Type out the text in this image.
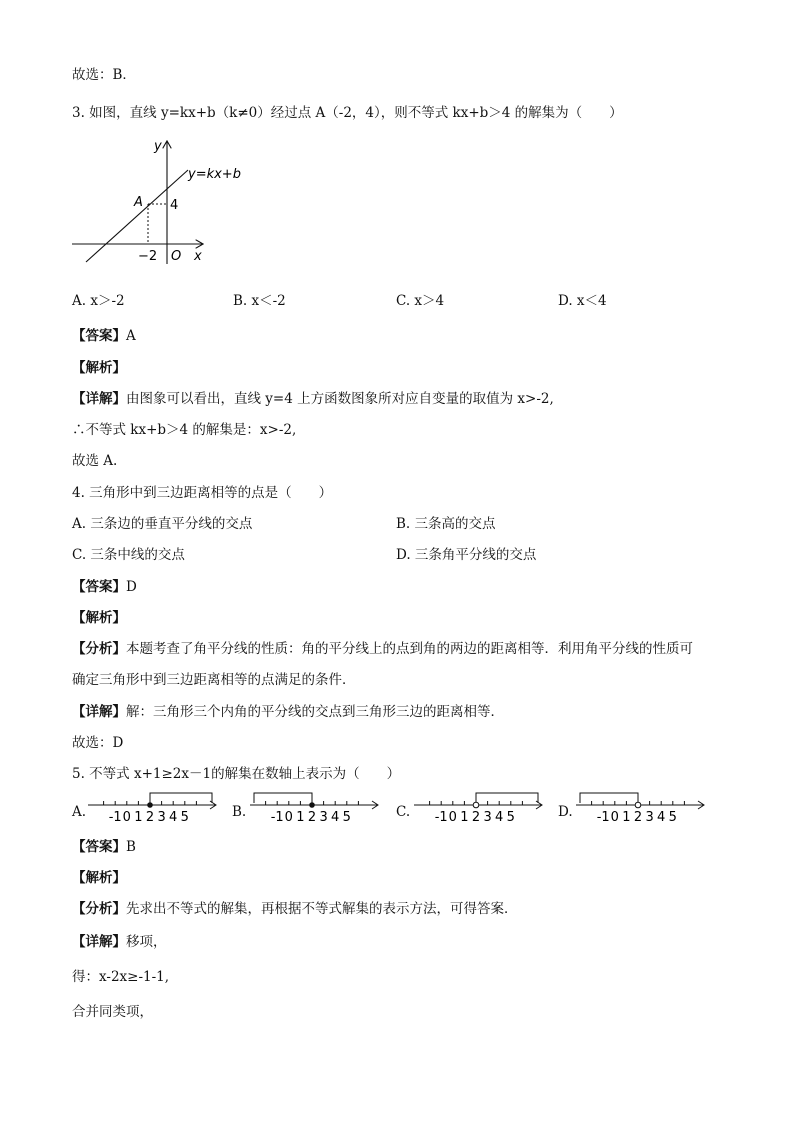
故选：B．
3. 如图，直线 y=kx+b（k≠0）经过点 A（-2，4），则不等式 kx+b＞4 的解集为（　　）
y
x
y=kx+b
A 4
−2 O
A. x＞-2	B. x＜-2	C. x＞4	D. x＜4
【答案】A
【解析】
【详解】由图象可以看出，直线 y=4 上方函数图象所对应自变量的取值为 x>-2,
∴不等式 kx+b＞4 的解集是：x>-2,
故选 A.
4. 三角形中到三边距离相等的点是（　　）
A. 三条边的垂直平分线的交点	B. 三条高的交点
C. 三条中线的交点	D. 三条角平分线的交点
【答案】D
【解析】
【分析】本题考查了角平分线的性质：角的平分线上的点到角的两边的距离相等．利用角平分线的性质可
确定三角形中到三边距离相等的点满足的条件．
【详解】解：三角形三个内角的平分线的交点到三角形三边的距离相等．
故选：D
5. 不等式 x+1≥2x－1的解集在数轴上表示为（　　）
A. -1 0 1 2 3 4 5	B. -1 0 1 2 3 4 5	C. -1 0 1 2 3 4 5	D. -1 0 1 2 3 4 5
【答案】B
【解析】
【分析】先求出不等式的解集，再根据不等式解集的表示方法，可得答案．
【详解】移项，
得：x-2x≥-1-1,
合并同类项，
